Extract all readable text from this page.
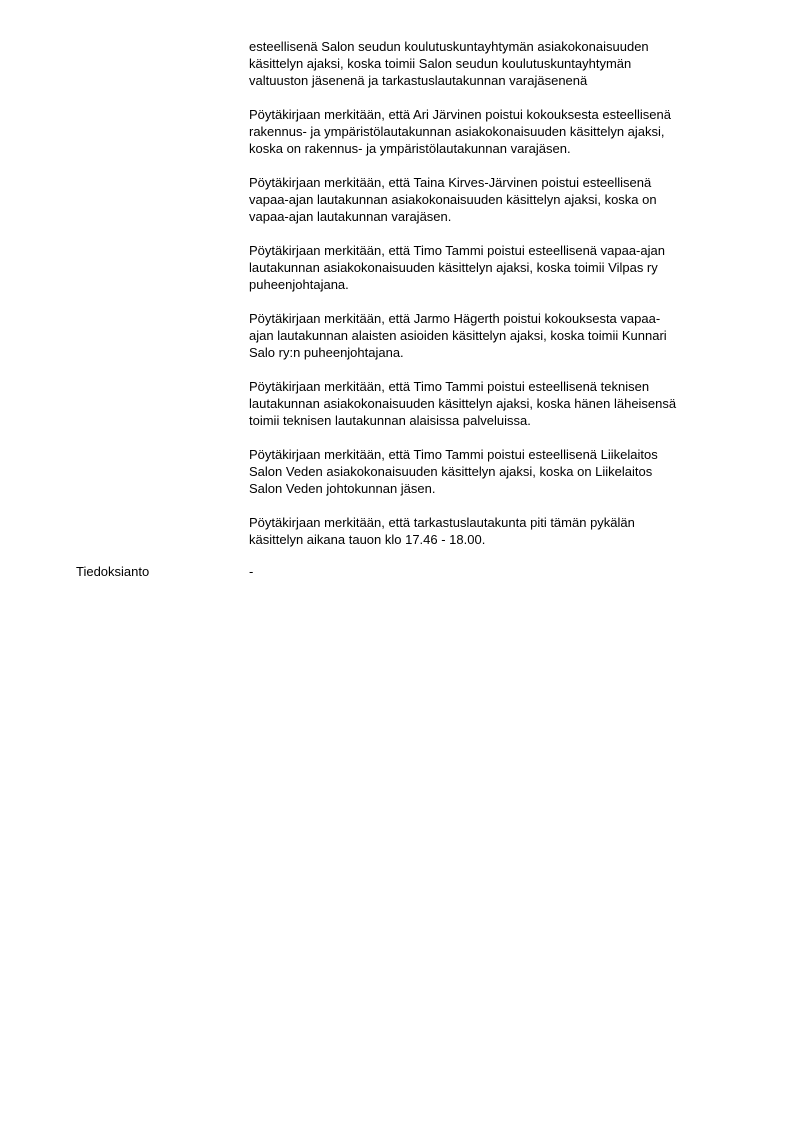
esteellisenä Salon seudun koulutuskuntayhtymän asiakokonaisuuden
käsittelyn ajaksi, koska toimii Salon seudun koulutuskuntayhtymän
valtuuston jäsenenä ja tarkastuslautakunnan varajäsenenä

Pöytäkirjaan merkitään, että Ari Järvinen poistui kokouksesta esteellisenä
rakennus- ja ympäristölautakunnan asiakokonaisuuden käsittelyn ajaksi,
koska on rakennus- ja ympäristölautakunnan varajäsen.

Pöytäkirjaan merkitään, että Taina Kirves-Järvinen poistui esteellisenä
vapaa-ajan lautakunnan asiakokonaisuuden käsittelyn ajaksi, koska on
vapaa-ajan lautakunnan varajäsen.

Pöytäkirjaan merkitään, että Timo Tammi poistui esteellisenä vapaa-ajan
lautakunnan asiakokonaisuuden käsittelyn ajaksi, koska toimii Vilpas ry
puheenjohtajana.

Pöytäkirjaan merkitään, että Jarmo Hägerth poistui kokouksesta vapaa-
ajan lautakunnan alaisten asioiden käsittelyn ajaksi, koska toimii Kunnari
Salo ry:n puheenjohtajana.

Pöytäkirjaan merkitään, että Timo Tammi poistui esteellisenä teknisen
lautakunnan asiakokonaisuuden käsittelyn ajaksi, koska hänen läheisensä
toimii teknisen lautakunnan alaisissa palveluissa.

Pöytäkirjaan merkitään, että Timo Tammi poistui esteellisenä Liikelaitos
Salon Veden asiakokonaisuuden käsittelyn ajaksi, koska on Liikelaitos
Salon Veden johtokunnan jäsen.

Pöytäkirjaan merkitään, että tarkastuslautakunta piti tämän pykälän
käsittelyn aikana tauon klo 17.46 - 18.00.

Tiedoksianto	-
